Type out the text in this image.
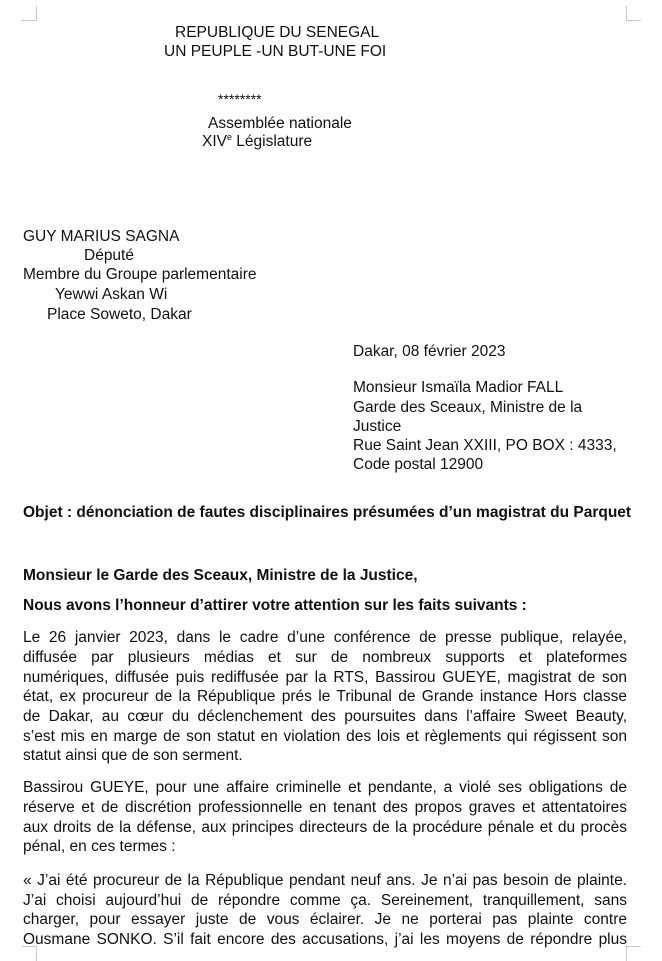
REPUBLIQUE DU SENEGAL
UN PEUPLE -UN BUT-UNE FOI
********
Assemblée nationale
XIVe Législature
GUY MARIUS SAGNA
Député
Membre du Groupe parlementaire
Yewwi Askan Wi
Place Soweto, Dakar
Dakar, 08 février 2023
Monsieur Ismaïla Madior FALL
Garde des Sceaux, Ministre de la
Justice
Rue Saint Jean XXIII, PO BOX : 4333,
Code postal 12900
Objet : dénonciation de fautes disciplinaires présumées d’un magistrat du Parquet
Monsieur le Garde des Sceaux, Ministre de la Justice,
Nous avons l’honneur d’attirer votre attention sur les faits suivants :
Le 26 janvier 2023, dans le cadre d’une conférence de presse publique, relayée,
diffusée par plusieurs médias et sur de nombreux supports et plateformes
numériques, diffusée puis rediffusée par la RTS, Bassirou GUEYE, magistrat de son
état, ex procureur de la République prés le Tribunal de Grande instance Hors classe
de Dakar, au cœur du déclenchement des poursuites dans l’affaire Sweet Beauty,
s’est mis en marge de son statut en violation des lois et règlements qui régissent son
statut ainsi que de son serment.
Bassirou GUEYE, pour une affaire criminelle et pendante, a violé ses obligations de
réserve et de discrétion professionnelle en tenant des propos graves et attentatoires
aux droits de la défense, aux principes directeurs de la procédure pénale et du procès
pénal, en ces termes :
« J’ai été procureur de la République pendant neuf ans. Je n’ai pas besoin de plainte.
J’ai choisi aujourd’hui de répondre comme ça. Sereinement, tranquillement, sans
charger, pour essayer juste de vous éclairer. Je ne porterai pas plainte contre
Ousmane SONKO. S’il fait encore des accusations, j’ai les moyens de répondre plus
